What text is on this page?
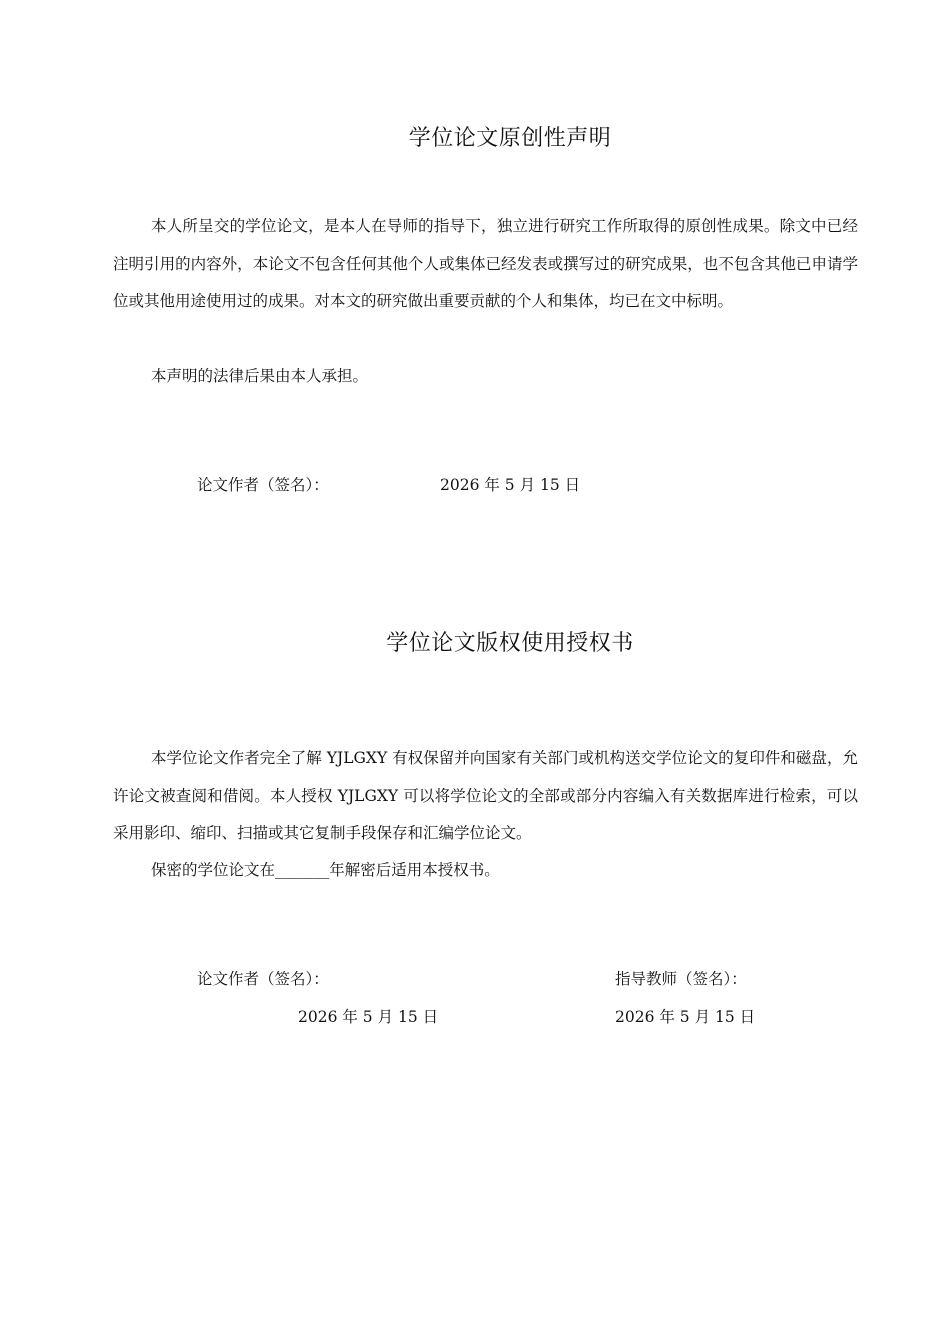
学位论文原创性声明

本人所呈交的学位论文，是本人在导师的指导下，独立进行研究工作所取得的原创性成果。除文中已经注明引用的内容外，本论文不包含任何其他个人或集体已经发表或撰写过的研究成果，也不包含其他已申请学位或其他用途使用过的成果。对本文的研究做出重要贡献的个人和集体，均已在文中标明。

本声明的法律后果由本人承担。

论文作者（签名）：	2026 年 5 月 15 日
学位论文版权使用授权书

本学位论文作者完全了解 YJLGXY 有权保留并向国家有关部门或机构送交学位论文的复印件和磁盘，允许论文被查阅和借阅。本人授权 YJLGXY 可以将学位论文的全部或部分内容编入有关数据库进行检索，可以采用影印、缩印、扫描或其它复制手段保存和汇编学位论文。

保密的学位论文在_______年解密后适用本授权书。

论文作者（签名）：	指导教师（签名）：
2026 年 5 月 15 日	2026 年 5 月 15 日
